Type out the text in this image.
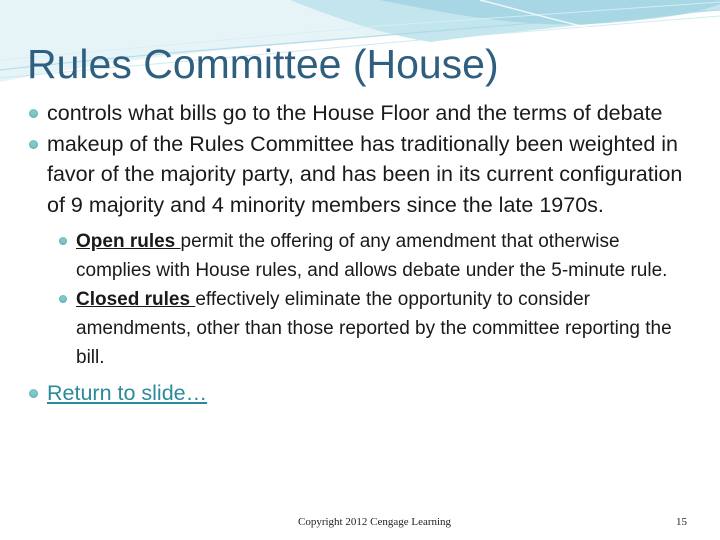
Rules Committee (House)
controls what bills go to the House Floor and the terms of debate
makeup of the Rules Committee has traditionally been weighted in favor of the majority party, and has been in its current configuration of 9 majority and 4 minority members since the late 1970s.
Open rules permit the offering of any amendment that otherwise complies with House rules, and allows debate under the 5-minute rule.
Closed rules effectively eliminate the opportunity to consider amendments, other than those reported by the committee reporting the bill.
Return to slide…
Copyright 2012 Cengage Learning	15
